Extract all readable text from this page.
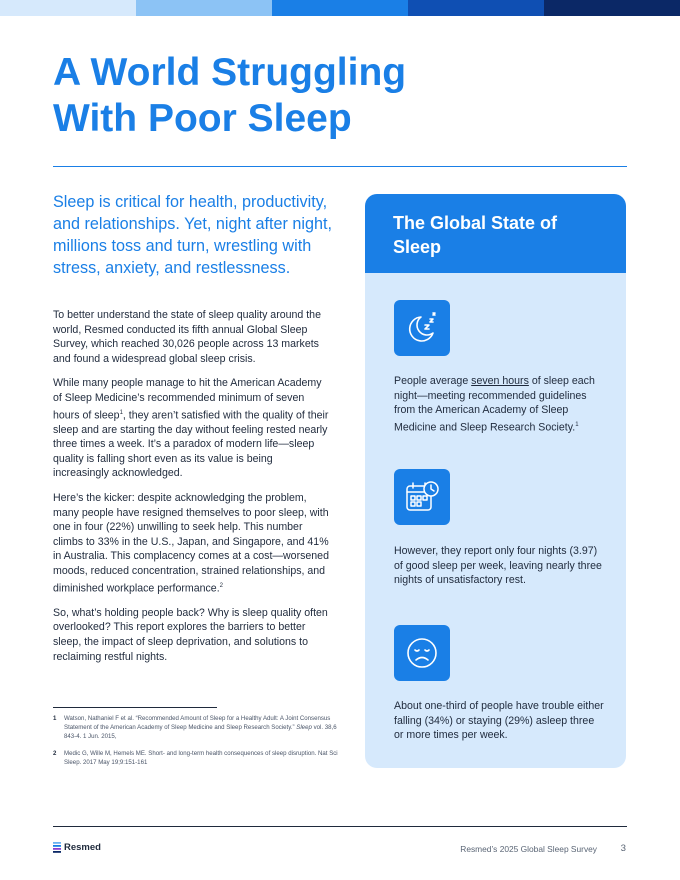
A World Struggling
With Poor Sleep

Sleep is critical for health, productivity, and relationships. Yet, night after night, millions toss and turn, wrestling with stress, anxiety, and restlessness.

To better understand the state of sleep quality around the world, Resmed conducted its fifth annual Global Sleep Survey, which reached 30,026 people across 13 markets and found a widespread global sleep crisis.

While many people manage to hit the American Academy of Sleep Medicine’s recommended minimum of seven hours of sleep$^1$, they aren’t satisfied with the quality of their sleep and are starting the day without feeling rested nearly three times a week. It’s a paradox of modern life—sleep quality is falling short even as its value is being increasingly acknowledged.

Here’s the kicker: despite acknowledging the problem, many people have resigned themselves to poor sleep, with one in four (22%) unwilling to seek help. This number climbs to 33% in the U.S., Japan, and Singapore, and 41% in Australia. This complacency comes at a cost—worsened moods, reduced concentration, strained relationships, and diminished workplace performance.$^2$

So, what’s holding people back? Why is sleep quality often overlooked? This report explores the barriers to better sleep, the impact of sleep deprivation, and solutions to reclaiming restful nights.

1	Watson, Nathaniel F et al. “Recommended Amount of Sleep for a Healthy Adult: A Joint Consensus Statement of the American Academy of Sleep Medicine and Sleep Research Society.” Sleep vol. 38,6 843-4. 1 Jun. 2015,
2	Medic G, Wille M, Hemels ME. Short- and long-term health consequences of sleep disruption. Nat Sci Sleep. 2017 May 19;9:151-161
The Global State of Sleep

People average seven hours of sleep each night—meeting recommended guidelines from the American Academy of Sleep Medicine and Sleep Research Society.$^1$

However, they report only four nights (3.97) of good sleep per week, leaving nearly three nights of unsatisfactory rest.

About one-third of people have trouble either falling (34%) or staying (29%) asleep three or more times per week.

Resmed	Resmed’s 2025 Global Sleep Survey	3
